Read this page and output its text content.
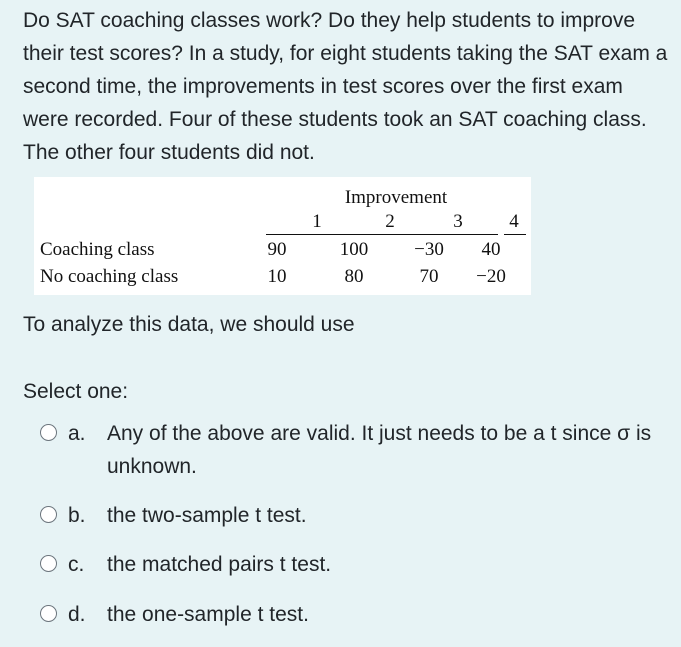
Do SAT coaching classes work? Do they help students to improve their test scores? In a study, for eight students taking the SAT exam a second time, the improvements in test scores over the first exam were recorded. Four of these students took an SAT coaching class. The other four students did not.
Improvement
1	2	3	4
Coaching class	90	100	−30	40
No coaching class	10	80	70	−20
To analyze this data, we should use
Select one:
a. Any of the above are valid. It just needs to be a t since σ is unknown.
b. the two-sample t test.
c. the matched pairs t test.
d. the one-sample t test.
